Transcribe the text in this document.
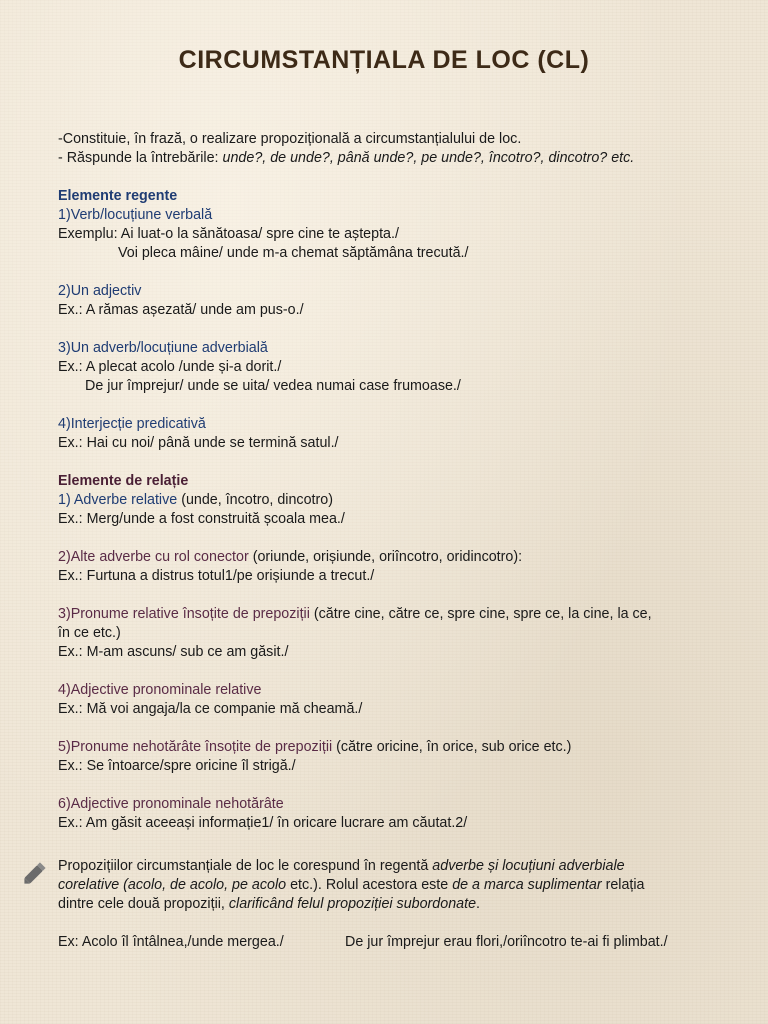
CIRCUMSTANȚIALA DE LOC (CL)

-Constituie, în frază, o realizare propozițională a circumstanțialului de loc.

- Răspunde la întrebările: unde?, de unde?, până unde?, pe unde?, încotro?, dincotro? etc.

Elemente regente

1)Verb/locuțiune verbală

Exemplu: Ai luat-o la sănătoasa/ spre cine te aștepta./

Voi pleca mâine/ unde m-a chemat săptămâna trecută./

2)Un adjectiv

Ex.: A rămas așezată/ unde am pus-o./

3)Un adverb/locuțiune adverbială

Ex.: A plecat acolo /unde și-a dorit./

De jur împrejur/ unde se uita/ vedea numai case frumoase./

4)Interjecție predicativă

Ex.: Hai cu noi/ până unde se termină satul./

Elemente de relație

1) Adverbe relative (unde, încotro, dincotro)

Ex.: Merg/unde a fost construită școala mea./

2)Alte adverbe cu rol conector (oriunde, orișiunde, oriîncotro, oridincotro):

Ex.: Furtuna a distrus totul1/pe orișiunde a trecut./

3)Pronume relative însoțite de prepoziții (către cine, către ce, spre cine, spre ce, la cine, la ce,

în ce etc.)

Ex.: M-am ascuns/ sub ce am găsit./

4)Adjective pronominale relative

Ex.: Mă voi angaja/la ce companie mă cheamă./

5)Pronume nehotărâte însoțite de prepoziții (către oricine, în orice, sub orice etc.)

Ex.: Se întoarce/spre oricine îl strigă./

6)Adjective pronominale nehotărâte

Ex.: Am găsit aceeași informație1/ în oricare lucrare am căutat.2/

Propozițiilor circumstanțiale de loc le corespund în regentă adverbe și locuțiuni adverbiale

corelative (acolo, de acolo, pe acolo etc.). Rolul acestora este de a marca suplimentar relația

dintre cele două propoziții, clarificând felul propoziției subordonate.

Ex: Acolo îl întâlnea,/unde mergea./	De jur împrejur erau flori,/oriîncotro te-ai fi plimbat./
